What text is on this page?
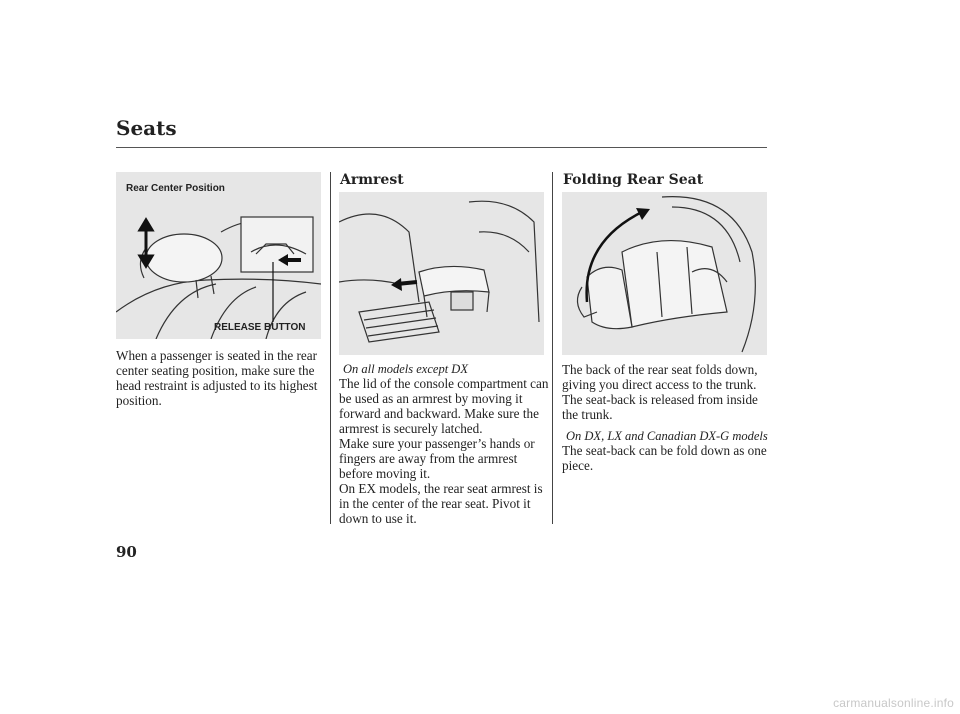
Seats
Rear Center Position
RELEASE BUTTON
When a passenger is seated in the rear center seating position, make sure the head restraint is adjusted to its highest position.
Armrest
On all models except DX
The lid of the console compartment can be used as an armrest by moving it forward and backward. Make sure the armrest is securely latched.
Make sure your passenger’s hands or fingers are away from the armrest before moving it.
On EX models, the rear seat armrest is in the center of the rear seat. Pivot it down to use it.
Folding Rear Seat
The back of the rear seat folds down, giving you direct access to the trunk. The seat-back is released from inside the trunk.
On DX, LX and Canadian DX-G models
The seat-back can be fold down as one piece.
90
carmanualsonline.info
